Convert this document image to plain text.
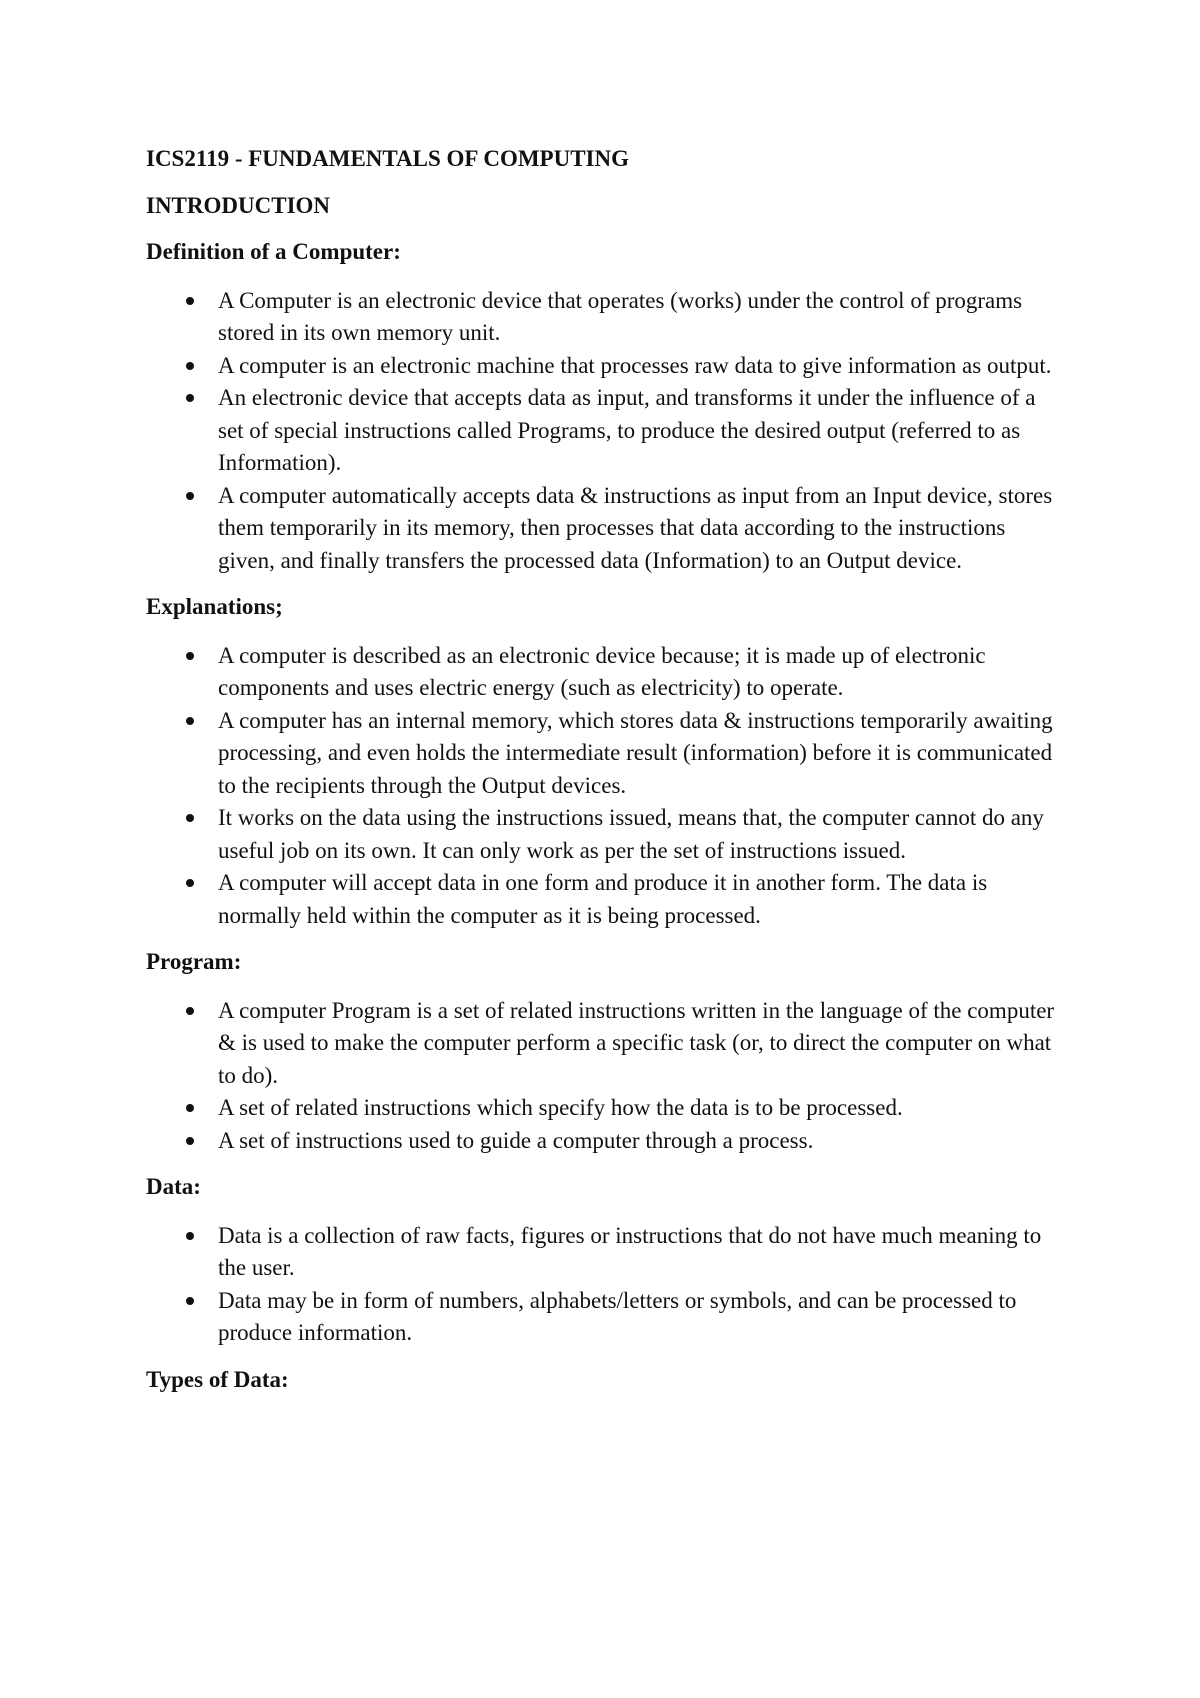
ICS2119 - FUNDAMENTALS OF COMPUTING
INTRODUCTION
Definition of a Computer:
A Computer is an electronic device that operates (works) under the control of programs stored in its own memory unit.
A computer is an electronic machine that processes raw data to give information as output.
An electronic device that accepts data as input, and transforms it under the influence of a set of special instructions called Programs, to produce the desired output (referred to as Information).
A computer automatically accepts data & instructions as input from an Input device, stores them temporarily in its memory, then processes that data according to the instructions given, and finally transfers the processed data (Information) to an Output device.
Explanations;
A computer is described as an electronic device because; it is made up of electronic components and uses electric energy (such as electricity) to operate.
A computer has an internal memory, which stores data & instructions temporarily awaiting processing, and even holds the intermediate result (information) before it is communicated to the recipients through the Output devices.
It works on the data using the instructions issued, means that, the computer cannot do any useful job on its own. It can only work as per the set of instructions issued.
A computer will accept data in one form and produce it in another form. The data is normally held within the computer as it is being processed.
Program:
A computer Program is a set of related instructions written in the language of the computer & is used to make the computer perform a specific task (or, to direct the computer on what to do).
A set of related instructions which specify how the data is to be processed.
A set of instructions used to guide a computer through a process.
Data:
Data is a collection of raw facts, figures or instructions that do not have much meaning to the user.
Data may be in form of numbers, alphabets/letters or symbols, and can be processed to produce information.
Types of Data:
